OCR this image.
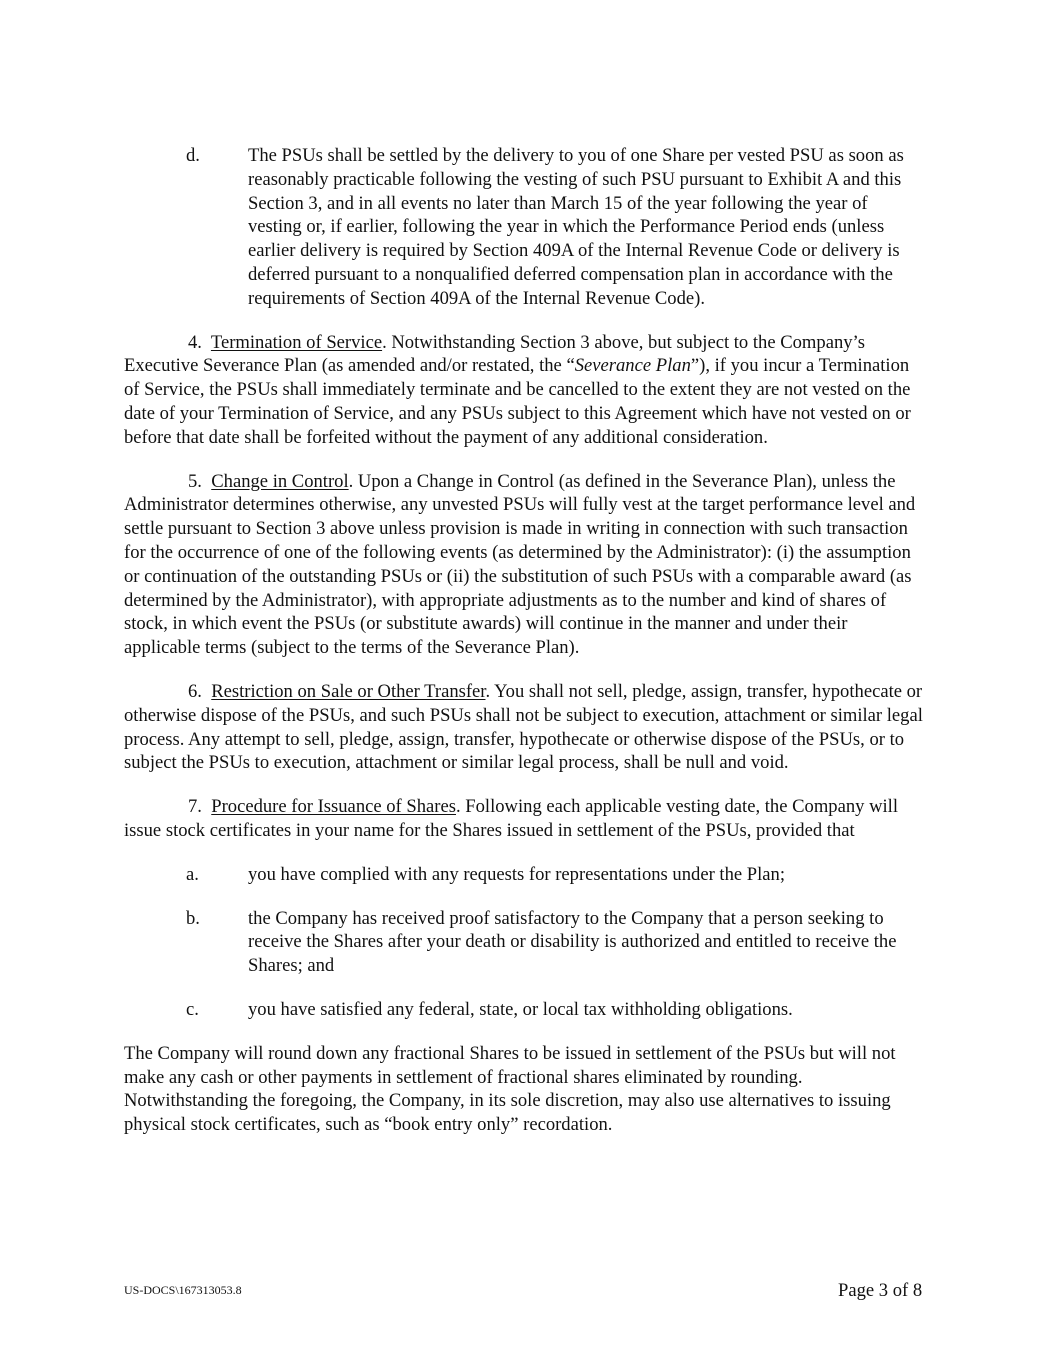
d.	The PSUs shall be settled by the delivery to you of one Share per vested PSU as soon as reasonably practicable following the vesting of such PSU pursuant to Exhibit A and this Section 3, and in all events no later than March 15 of the year following the year of vesting or, if earlier, following the year in which the Performance Period ends (unless earlier delivery is required by Section 409A of the Internal Revenue Code or delivery is deferred pursuant to a nonqualified deferred compensation plan in accordance with the requirements of Section 409A of the Internal Revenue Code).

4. Termination of Service. Notwithstanding Section 3 above, but subject to the Company’s Executive Severance Plan (as amended and/or restated, the “Severance Plan”), if you incur a Termination of Service, the PSUs shall immediately terminate and be cancelled to the extent they are not vested on the date of your Termination of Service, and any PSUs subject to this Agreement which have not vested on or before that date shall be forfeited without the payment of any additional consideration.

5. Change in Control. Upon a Change in Control (as defined in the Severance Plan), unless the Administrator determines otherwise, any unvested PSUs will fully vest at the target performance level and settle pursuant to Section 3 above unless provision is made in writing in connection with such transaction for the occurrence of one of the following events (as determined by the Administrator): (i) the assumption or continuation of the outstanding PSUs or (ii) the substitution of such PSUs with a comparable award (as determined by the Administrator), with appropriate adjustments as to the number and kind of shares of stock, in which event the PSUs (or substitute awards) will continue in the manner and under their applicable terms (subject to the terms of the Severance Plan).

6. Restriction on Sale or Other Transfer. You shall not sell, pledge, assign, transfer, hypothecate or otherwise dispose of the PSUs, and such PSUs shall not be subject to execution, attachment or similar legal process. Any attempt to sell, pledge, assign, transfer, hypothecate or otherwise dispose of the PSUs, or to subject the PSUs to execution, attachment or similar legal process, shall be null and void.

7. Procedure for Issuance of Shares. Following each applicable vesting date, the Company will issue stock certificates in your name for the Shares issued in settlement of the PSUs, provided that

a.	you have complied with any requests for representations under the Plan;

b.	the Company has received proof satisfactory to the Company that a person seeking to receive the Shares after your death or disability is authorized and entitled to receive the Shares; and

c.	you have satisfied any federal, state, or local tax withholding obligations.

The Company will round down any fractional Shares to be issued in settlement of the PSUs but will not make any cash or other payments in settlement of fractional shares eliminated by rounding. Notwithstanding the foregoing, the Company, in its sole discretion, may also use alternatives to issuing physical stock certificates, such as “book entry only” recordation.

US-DOCS\167313053.8	Page 3 of 8
